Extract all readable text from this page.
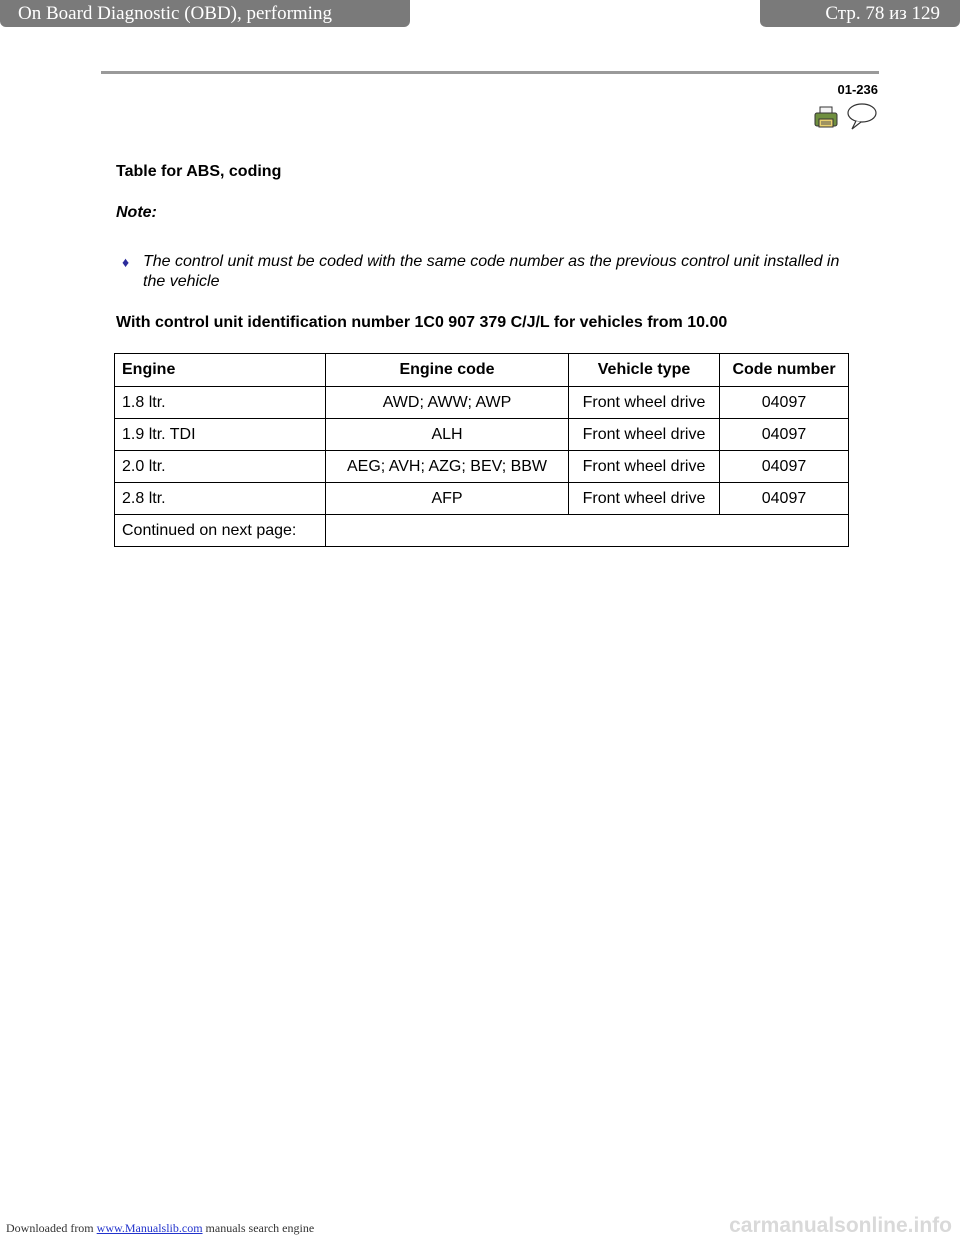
On Board Diagnostic (OBD), performing	Стр. 78 из 129
01-236
Table for ABS, coding
Note:
♦ The control unit must be coded with the same code number as the previous control unit installed in the vehicle
With control unit identification number 1C0 907 379 C/J/L for vehicles from 10.00
Engine	Engine code	Vehicle type	Code number
1.8 ltr.	AWD; AWW; AWP	Front wheel drive	04097
1.9 ltr. TDI	ALH	Front wheel drive	04097
2.0 ltr.	AEG; AVH; AZG; BEV; BBW	Front wheel drive	04097
2.8 ltr.	AFP	Front wheel drive	04097
Continued on next page:			
Downloaded from www.Manualslib.com manuals search engine	carmanualsonline.info
